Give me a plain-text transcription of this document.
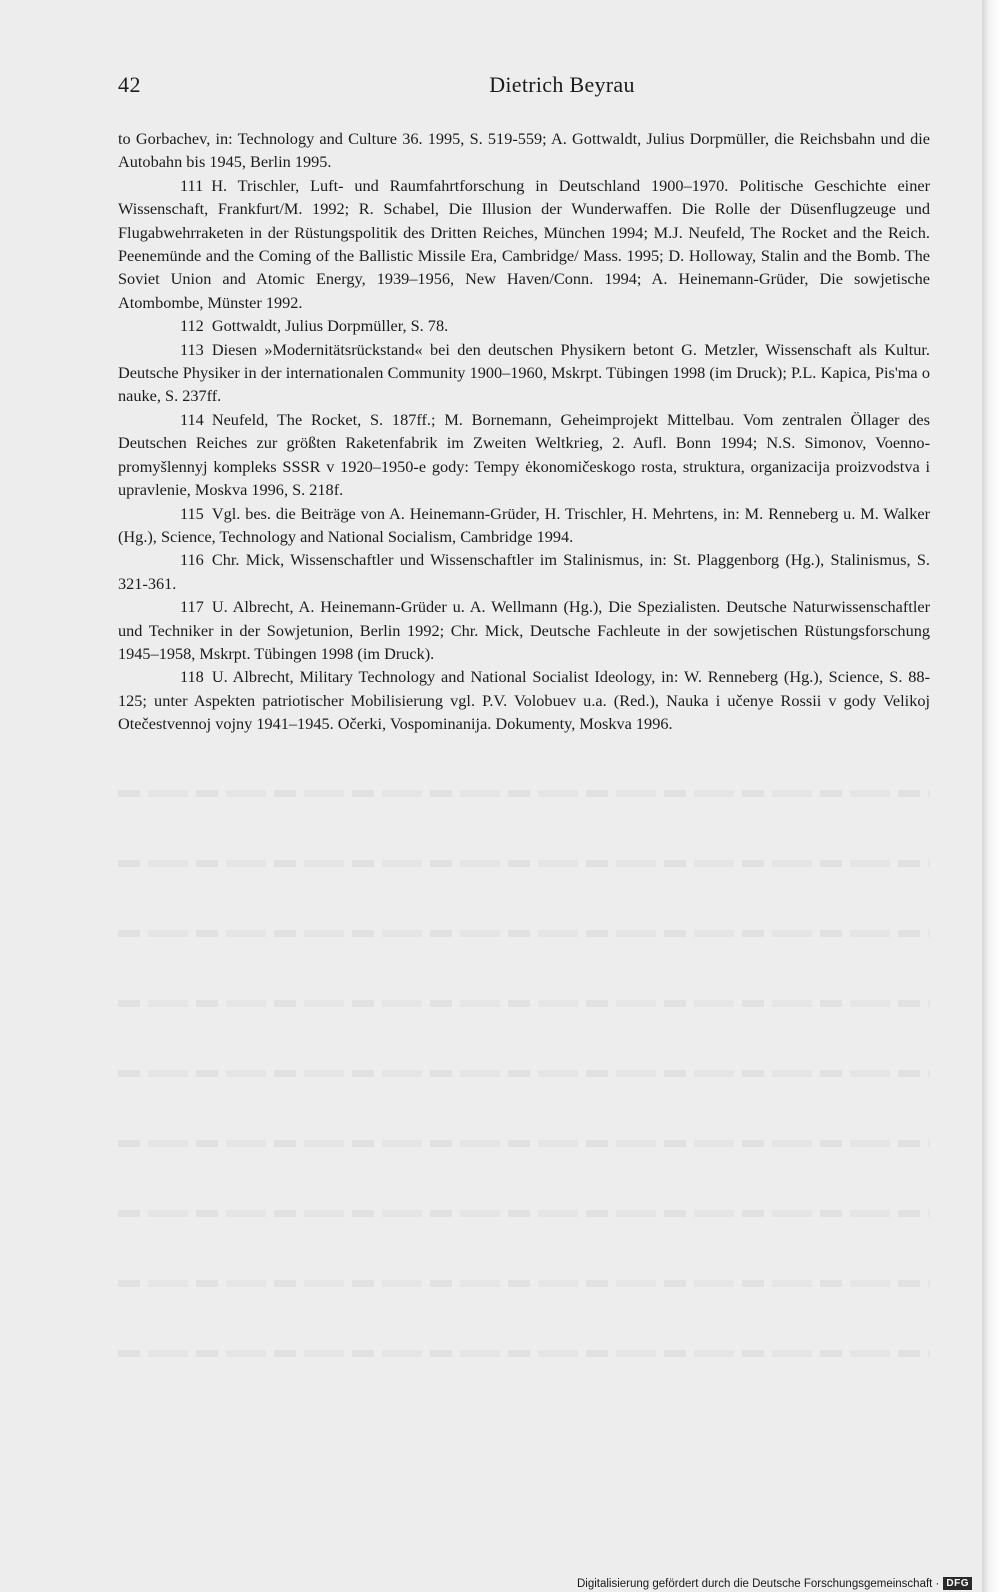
42	Dietrich Beyrau

to Gorbachev, in: Technology and Culture 36. 1995, S. 519-559; A. Gottwaldt, Julius Dorpmüller, die Reichsbahn und die Autobahn bis 1945, Berlin 1995.

111 H. Trischler, Luft- und Raumfahrtforschung in Deutschland 1900–1970. Politische Geschichte einer Wissenschaft, Frankfurt/M. 1992; R. Schabel, Die Illusion der Wunderwaffen. Die Rolle der Düsenflugzeuge und Flugabwehrraketen in der Rüstungspolitik des Dritten Reiches, München 1994; M.J. Neufeld, The Rocket and the Reich. Peenemünde and the Coming of the Ballistic Missile Era, Cambridge/ Mass. 1995; D. Holloway, Stalin and the Bomb. The Soviet Union and Atomic Energy, 1939–1956, New Haven/Conn. 1994; A. Heinemann-Grüder, Die sowjetische Atombombe, Münster 1992.

112 Gottwaldt, Julius Dorpmüller, S. 78.

113 Diesen »Modernitätsrückstand« bei den deutschen Physikern betont G. Metzler, Wissenschaft als Kultur. Deutsche Physiker in der internationalen Community 1900–1960, Mskrpt. Tübingen 1998 (im Druck); P.L. Kapica, Pis'ma o nauke, S. 237ff.

114 Neufeld, The Rocket, S. 187ff.; M. Bornemann, Geheimprojekt Mittelbau. Vom zentralen Öllager des Deutschen Reiches zur größten Raketenfabrik im Zweiten Weltkrieg, 2. Aufl. Bonn 1994; N.S. Simonov, Voenno-promyšlennyj kompleks SSSR v 1920–1950-e gody: Tempy ėkonomičeskogo rosta, struktura, organizacija proizvodstva i upravlenie, Moskva 1996, S. 218f.

115 Vgl. bes. die Beiträge von A. Heinemann-Grüder, H. Trischler, H. Mehrtens, in: M. Renneberg u. M. Walker (Hg.), Science, Technology and National Socialism, Cambridge 1994.

116 Chr. Mick, Wissenschaftler und Wissenschaftler im Stalinismus, in: St. Plaggenborg (Hg.), Stalinismus, S. 321-361.

117 U. Albrecht, A. Heinemann-Grüder u. A. Wellmann (Hg.), Die Spezialisten. Deutsche Naturwissenschaftler und Techniker in der Sowjetunion, Berlin 1992; Chr. Mick, Deutsche Fachleute in der sowjetischen Rüstungsforschung 1945–1958, Mskrpt. Tübingen 1998 (im Druck).

118 U. Albrecht, Military Technology and National Socialist Ideology, in: W. Renneberg (Hg.), Science, S. 88-125; unter Aspekten patriotischer Mobilisierung vgl. P.V. Volobuev u.a. (Red.), Nauka i učenye Rossii v gody Velikoj Otečestvennoj vojny 1941–1945. Očerki, Vospominanija. Dokumenty, Moskva 1996.

Digitalisierung gefördert durch die Deutsche Forschungsgemeinschaft · DFG
